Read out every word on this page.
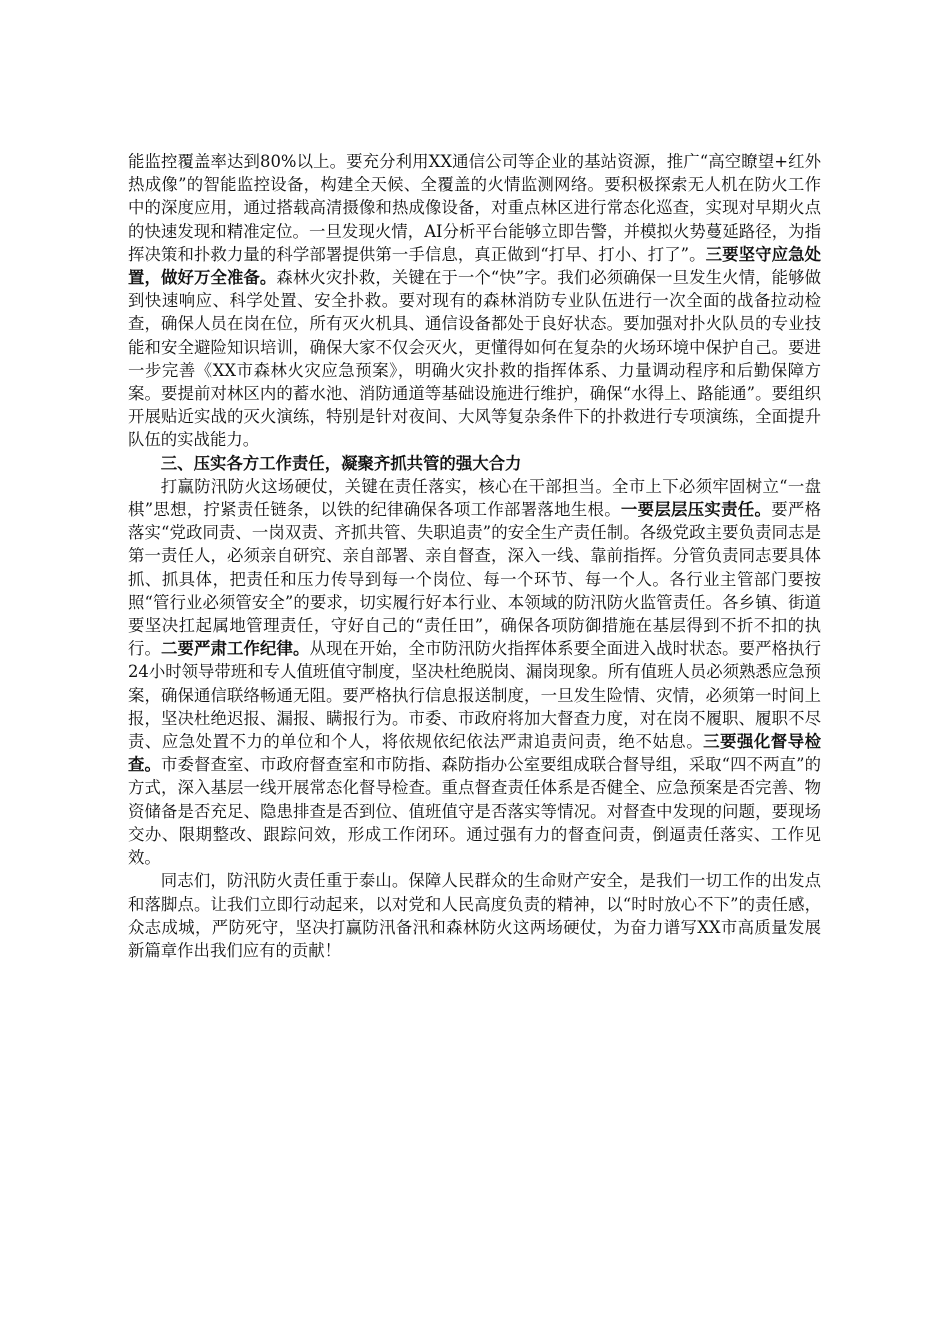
能监控覆盖率达到80%以上。要充分利用XX通信公司等企业的基站资源，推广“高空瞭望+红外热成像”的智能监控设备，构建全天候、全覆盖的火情监测网络。要积极探索无人机在防火工作中的深度应用，通过搭载高清摄像和热成像设备，对重点林区进行常态化巡查，实现对早期火点的快速发现和精准定位。一旦发现火情，AI分析平台能够立即告警，并模拟火势蔓延路径，为指挥决策和扑救力量的科学部署提供第一手信息，真正做到“打早、打小、打了”。三要坚守应急处置，做好万全准备。森林火灾扑救，关键在于一个“快”字。我们必须确保一旦发生火情，能够做到快速响应、科学处置、安全扑救。要对现有的森林消防专业队伍进行一次全面的战备拉动检查，确保人员在岗在位，所有灭火机具、通信设备都处于良好状态。要加强对扑火队员的专业技能和安全避险知识培训，确保大家不仅会灭火，更懂得如何在复杂的火场环境中保护自己。要进一步完善《XX市森林火灾应急预案》，明确火灾扑救的指挥体系、力量调动程序和后勤保障方案。要提前对林区内的蓄水池、消防通道等基础设施进行维护，确保“水得上、路能通”。要组织开展贴近实战的灭火演练，特别是针对夜间、大风等复杂条件下的扑救进行专项演练，全面提升队伍的实战能力。

三、压实各方工作责任，凝聚齐抓共管的强大合力

打赢防汛防火这场硬仗，关键在责任落实，核心在干部担当。全市上下必须牢固树立“一盘棋”思想，拧紧责任链条，以铁的纪律确保各项工作部署落地生根。一要层层压实责任。要严格落实“党政同责、一岗双责、齐抓共管、失职追责”的安全生产责任制。各级党政主要负责同志是第一责任人，必须亲自研究、亲自部署、亲自督查，深入一线、靠前指挥。分管负责同志要具体抓、抓具体，把责任和压力传导到每一个岗位、每一个环节、每一个人。各行业主管部门要按照“管行业必须管安全”的要求，切实履行好本行业、本领域的防汛防火监管责任。各乡镇、街道要坚决扛起属地管理责任，守好自己的“责任田”，确保各项防御措施在基层得到不折不扣的执行。二要严肃工作纪律。从现在开始，全市防汛防火指挥体系要全面进入战时状态。要严格执行24小时领导带班和专人值班值守制度，坚决杜绝脱岗、漏岗现象。所有值班人员必须熟悉应急预案，确保通信联络畅通无阻。要严格执行信息报送制度，一旦发生险情、灾情，必须第一时间上报，坚决杜绝迟报、漏报、瞒报行为。市委、市政府将加大督查力度，对在岗不履职、履职不尽责、应急处置不力的单位和个人，将依规依纪依法严肃追责问责，绝不姑息。三要强化督导检查。市委督查室、市政府督查室和市防指、森防指办公室要组成联合督导组，采取“四不两直”的方式，深入基层一线开展常态化督导检查。重点督查责任体系是否健全、应急预案是否完善、物资储备是否充足、隐患排查是否到位、值班值守是否落实等情况。对督查中发现的问题，要现场交办、限期整改、跟踪问效，形成工作闭环。通过强有力的督查问责，倒逼责任落实、工作见效。

同志们，防汛防火责任重于泰山。保障人民群众的生命财产安全，是我们一切工作的出发点和落脚点。让我们立即行动起来，以对党和人民高度负责的精神，以“时时放心不下”的责任感，众志成城，严防死守，坚决打赢防汛备汛和森林防火这两场硬仗，为奋力谱写XX市高质量发展新篇章作出我们应有的贡献！
